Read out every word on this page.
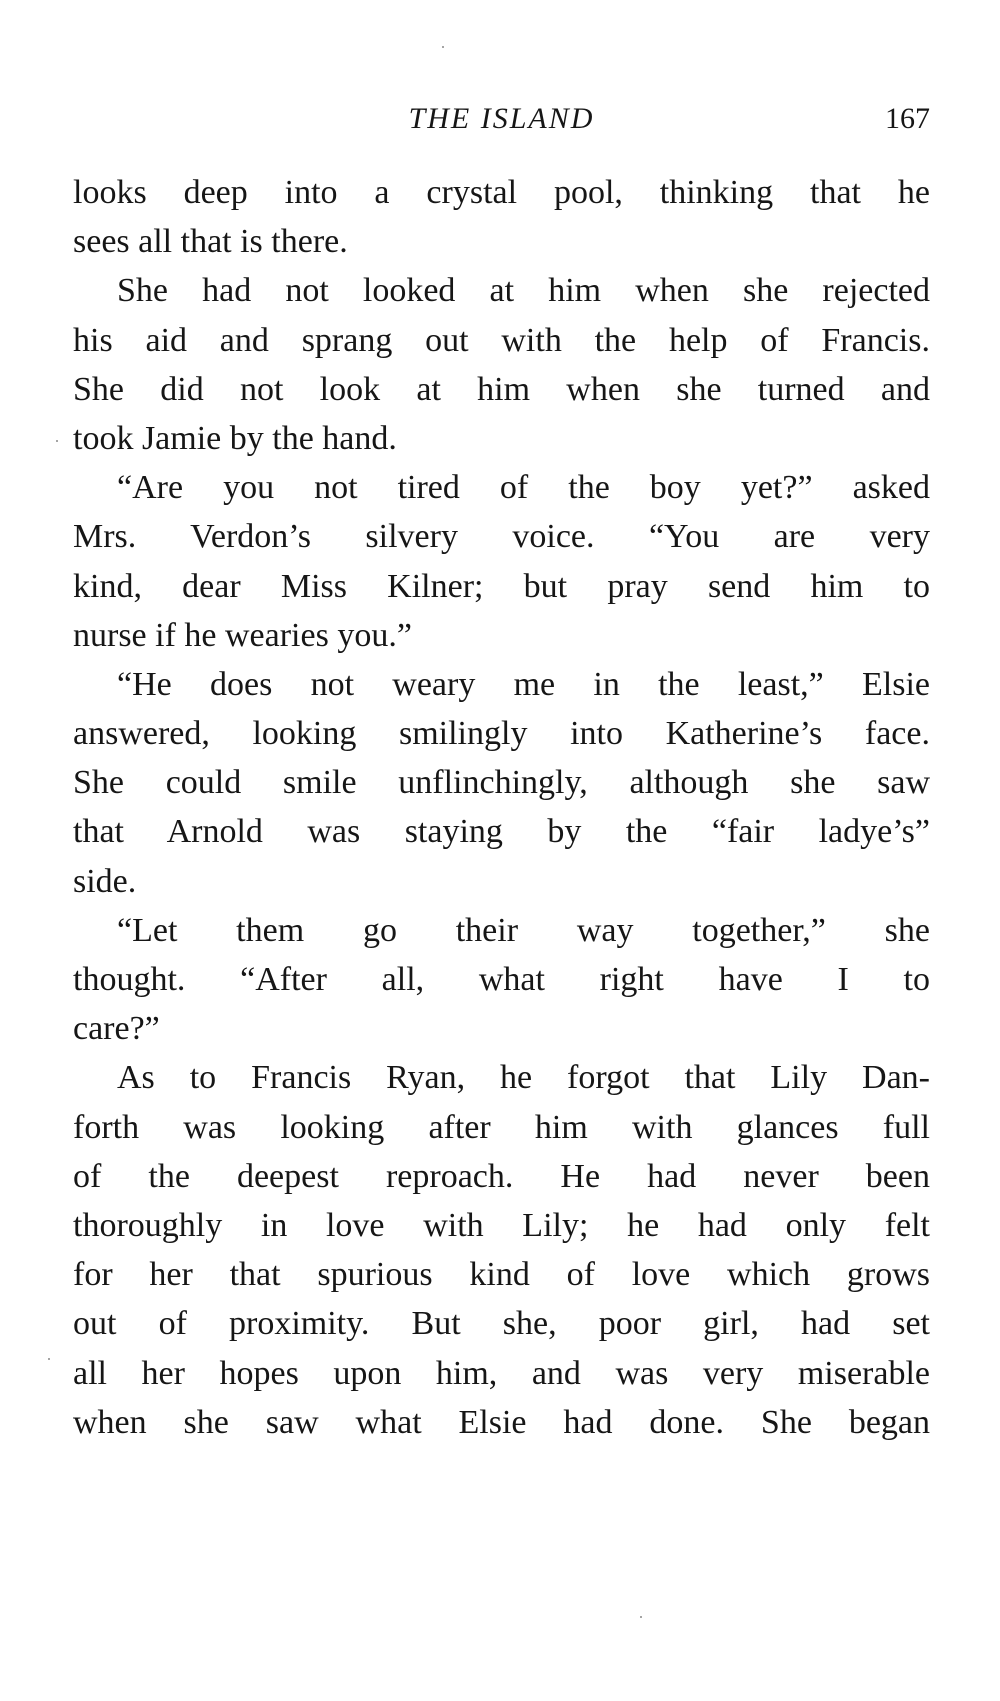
THE ISLAND	167
looks deep into a crystal pool, thinking that he
sees all that is there.
She had not looked at him when she rejected
his aid and sprang out with the help of Francis.
She did not look at him when she turned and
took Jamie by the hand.
“Are you not tired of the boy yet?” asked
Mrs. Verdon’s silvery voice. “You are very
kind, dear Miss Kilner; but pray send him to
nurse if he wearies you.”
“He does not weary me in the least,” Elsie
answered, looking smilingly into Katherine’s face.
She could smile unflinchingly, although she saw
that Arnold was staying by the “fair ladye’s”
side.
“Let them go their way together,” she
thought. “After all, what right have I to
care?”
As to Francis Ryan, he forgot that Lily Dan-
forth was looking after him with glances full
of the deepest reproach. He had never been
thoroughly in love with Lily; he had only felt
for her that spurious kind of love which grows
out of proximity. But she, poor girl, had set
all her hopes upon him, and was very miserable
when she saw what Elsie had done. She began
